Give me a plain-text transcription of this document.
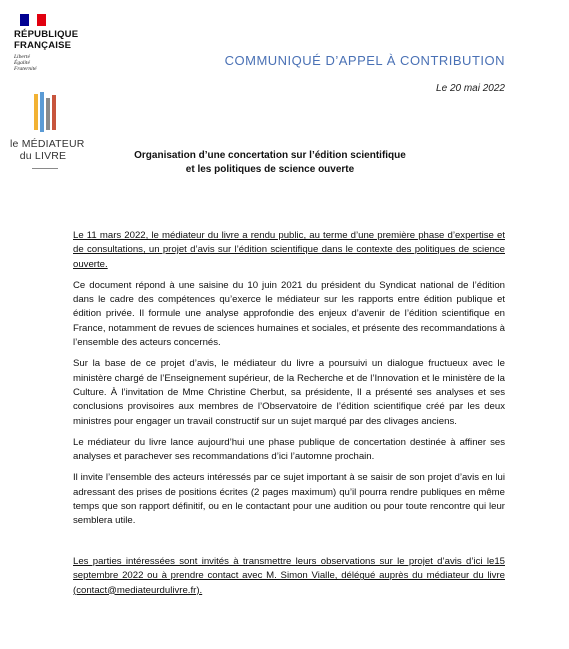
RÉPUBLIQUE
FRANÇAISE
Liberté
Égalité
Fraternité
le MÉDIATEUR
du LIVRE
COMMUNIQUÉ D’APPEL À CONTRIBUTION
Le 20 mai 2022
Organisation d’une concertation sur l’édition scientifique
et les politiques de science ouverte

Le 11 mars 2022, le médiateur du livre a rendu public, au terme d’une première phase d’expertise et de consultations, un projet d’avis sur l’édition scientifique dans le contexte des politiques de science ouverte.

Ce document répond à une saisine du 10 juin 2021 du président du Syndicat national de l’édition dans le cadre des compétences qu’exerce le médiateur sur les rapports entre édition publique et édition privée. Il formule une analyse approfondie des enjeux d’avenir de l’édition scientifique en France, notamment de revues de sciences humaines et sociales, et présente des recommandations à l’ensemble des acteurs concernés.

Sur la base de ce projet d’avis, le médiateur du livre a poursuivi un dialogue fructueux avec le ministère chargé de l’Enseignement supérieur, de la Recherche et de l’Innovation et le ministère de la Culture. À l’invitation de Mme Christine Cherbut, sa présidente, Il a présenté ses analyses et ses conclusions provisoires aux membres de l’Observatoire de l’édition scientifique créé par les deux ministres pour engager un travail constructif sur un sujet marqué par des clivages anciens.

Le médiateur du livre lance aujourd’hui une phase publique de concertation destinée à affiner ses analyses et parachever ses recommandations d’ici l’automne prochain.

Il invite l’ensemble des acteurs intéressés par ce sujet important à se saisir de son projet d’avis en lui adressant des prises de positions écrites (2 pages maximum) qu’il pourra rendre publiques en même temps que son rapport définitif, ou en le contactant pour une audition ou pour toute rencontre qui leur semblera utile.

Les parties intéressées sont invités à transmettre leurs observations sur le projet d’avis d’ici le15 septembre 2022 ou à prendre contact avec M. Simon Vialle, délégué auprès du médiateur du livre (contact@mediateurdulivre.fr).
